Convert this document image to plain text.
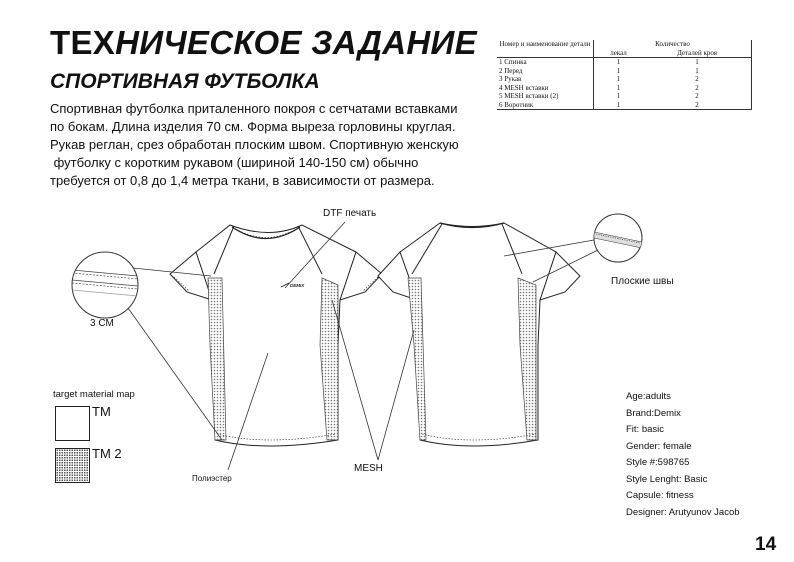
ТЕХНИЧЕСКОЕ ЗАДАНИЕ
СПОРТИВНАЯ ФУТБОЛКА
Спортивная футболка приталенного покроя с сетчатами вставками
по бокам. Длина изделия 70 см. Форма выреза горловины круглая.
Рукав реглан, срез обработан плоским швом. Спортивную женскую
футболку с коротким рукавом (шириной 140-150 см) обычно
требуется от 0,8 до 1,4 метра ткани, в зависимости от размера.
Номер и наименование детали	Количество	
	лекал	Деталей кроя
1 Спинка	1	1
2 Перед	1	1
3 Рукав	1	2
4 MESH вставки	1	2
5 MESH вставки (2)	1	2
6 Воротник	1	2
DEMIX
DTF печать
Плоские швы
3 СМ
Полиэстер
MESH
target material map
TM
TM 2
Age:adults
Brand:Demix
Fit: basic
Gender: female
Style #:598765
Style Lenght: Basic
Capsule: fitness
Designer: Arutyunov Jacob
14
